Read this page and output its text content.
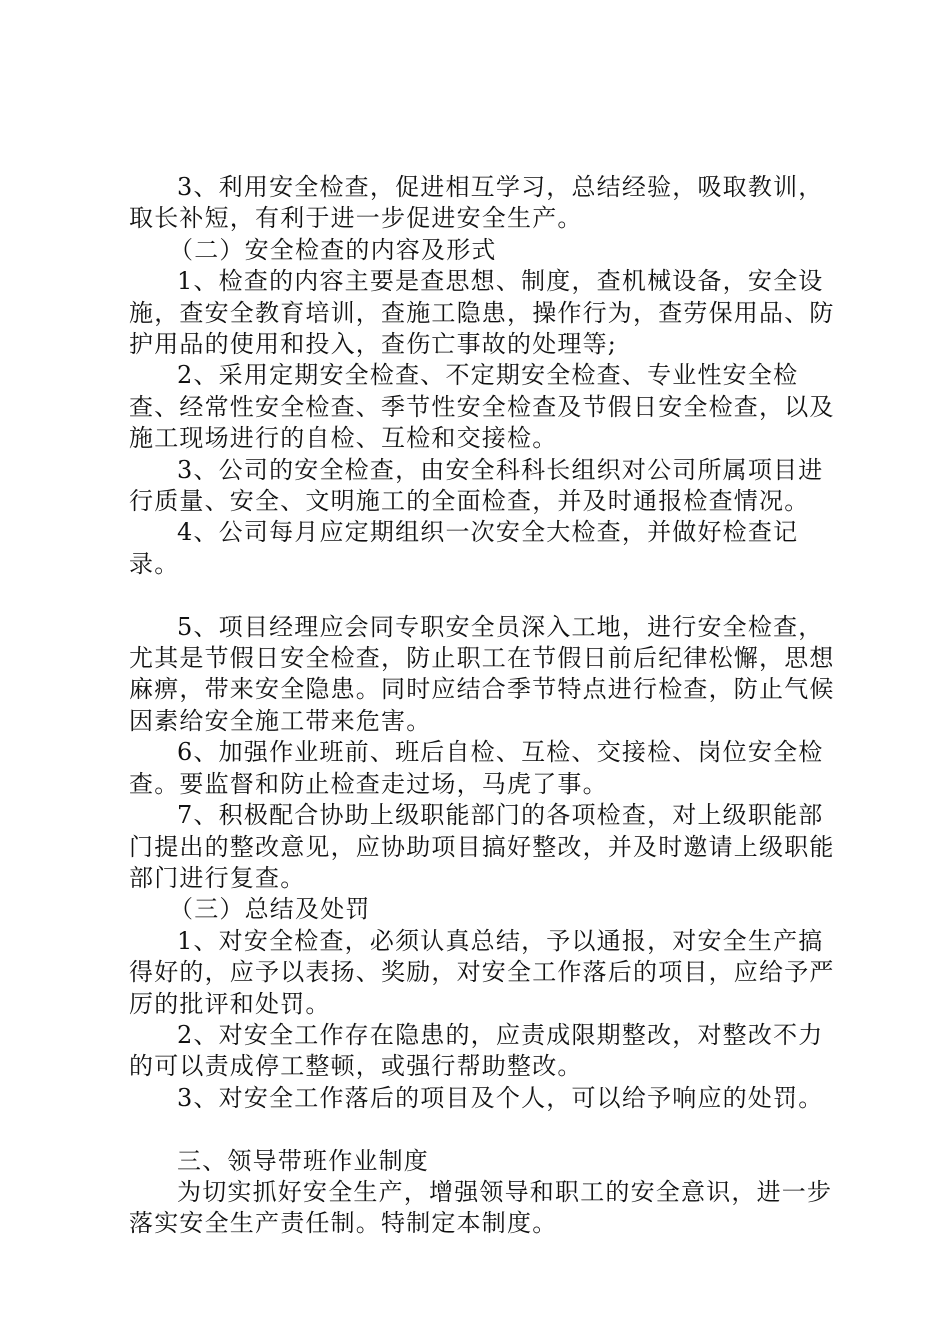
3、利用安全检查，促进相互学习，总结经验，吸取教训，取长补短，有利于进一步促进安全生产。

（二）安全检查的内容及形式

1、检查的内容主要是查思想、制度，查机械设备，安全设施，查安全教育培训，查施工隐患，操作行为，查劳保用品、防护用品的使用和投入，查伤亡事故的处理等;

2、采用定期安全检查、不定期安全检查、专业性安全检查、经常性安全检查、季节性安全检查及节假日安全检查，以及施工现场进行的自检、互检和交接检。

3、公司的安全检查，由安全科科长组织对公司所属项目进行质量、安全、文明施工的全面检查，并及时通报检查情况。

4、公司每月应定期组织一次安全大检查，并做好检查记录。

5、项目经理应会同专职安全员深入工地，进行安全检查，尤其是节假日安全检查，防止职工在节假日前后纪律松懈，思想麻痹，带来安全隐患。同时应结合季节特点进行检查，防止气候因素给安全施工带来危害。

6、加强作业班前、班后自检、互检、交接检、岗位安全检查。要监督和防止检查走过场，马虎了事。

7、积极配合协助上级职能部门的各项检查，对上级职能部门提出的整改意见，应协助项目搞好整改，并及时邀请上级职能部门进行复查。

（三）总结及处罚

1、对安全检查，必须认真总结，予以通报，对安全生产搞得好的，应予以表扬、奖励，对安全工作落后的项目，应给予严厉的批评和处罚。

2、对安全工作存在隐患的，应责成限期整改，对整改不力的可以责成停工整顿，或强行帮助整改。

3、对安全工作落后的项目及个人，可以给予响应的处罚。

三、领导带班作业制度

为切实抓好安全生产，增强领导和职工的安全意识，进一步落实安全生产责任制。特制定本制度。
